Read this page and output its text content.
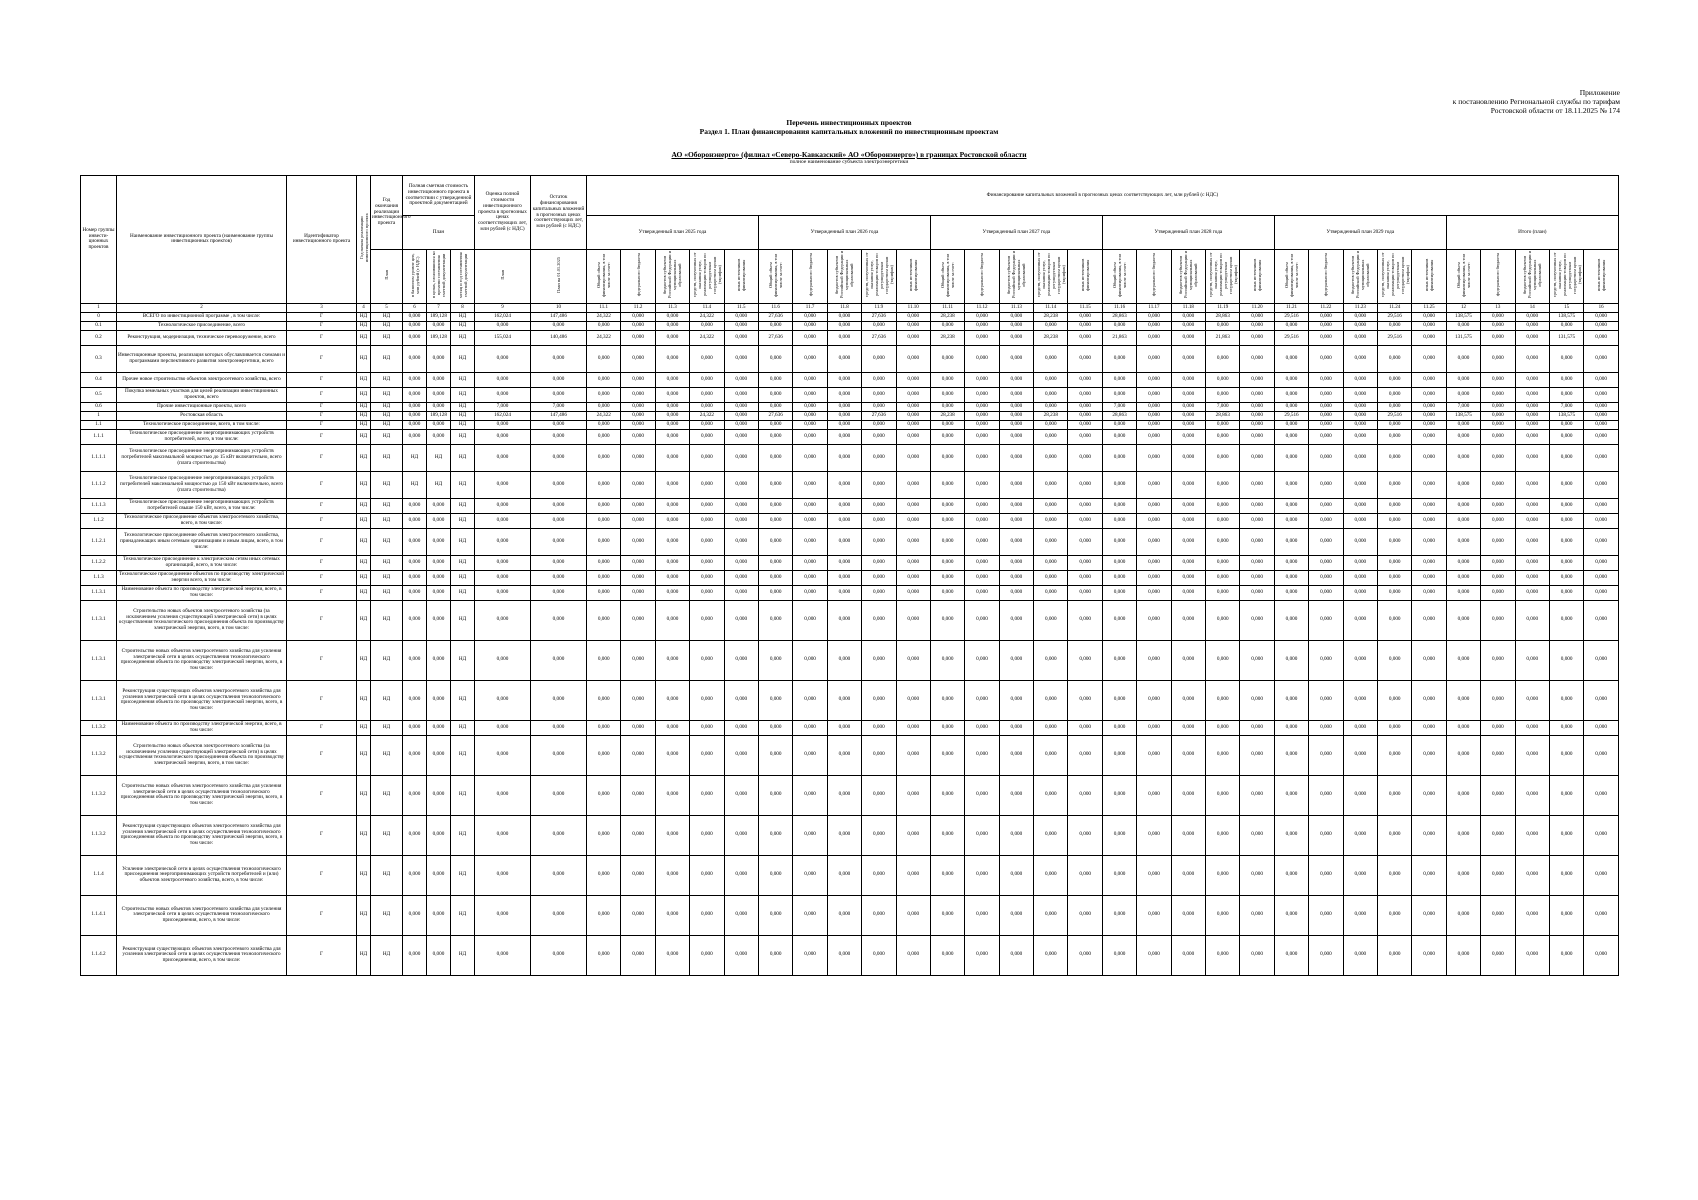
Приложение
к постановлению Региональной службы по тарифам
Ростовской области от 18.11.2025 № 174
Перечень инвестиционных проектов
Раздел 1. План финансирования капитальных вложений по инвестиционным проектам
АО «Оборонэнерго» (филиал «Северо-Кавказский» АО «Оборонэнерго») в границах Ростовской области
полное наименование субъекта электроэнергетики
Номер группы инвести- ционных проектов	Наименование инвестиционного проекта (наименование группы инвестиционных проектов)	Идентификатор инвестиционного проекта	Год начала реализации инвестиционного проекта	Год окончания реализации инвестиционного проекта	Полная сметная стоимость инвестиционного проекта в соответствии с утвержденной проектной документацией			Оценка полной стоимости инвестиционного проекта в прогнозных ценах соответствующих лет, млн рублей (с НДС)	Остаток финансирования капитальных вложений в прогнозных ценах соответствующих лет, млн рублей (с НДС)	Финансирование капитальных вложений в прогнозных ценах соответствующих лет, млн рублей (с НДС)																													
					План					Утвержденный план 2025 года					Утвержденный план 2026 года					Утвержденный план 2027 года					Утвержденный план 2028 года					Утвержденный план 2029 года					Итого (план)				
				План	в базисном уровне цен, млн рублей (с НДС)	в ценах, сложившихся ко времени составления сметной документации	месяц и год составления сметной документации	План	План на 01.01.2025	Общий объем финансирования, в том числе за счет:	федерального бюджета	бюджетов субъектов Российской Федерации и муниципальных образований	средств, полученных от оказания услуг, реализации товаров по регулируемым государством ценам (тарифам)	иных источников финансирования	Общий объем финансирования, в том числе за счет:	федерального бюджета	бюджетов субъектов Российской Федерации и муниципальных образований	средств, полученных от оказания услуг, реализации товаров по регулируемым государством ценам (тарифам)	иных источников финансирования	Общий объем финансирования, в том числе за счет:	федерального бюджета	бюджетов субъектов Российской Федерации и муниципальных образований	средств, полученных от оказания услуг, реализации товаров по регулируемым государством ценам (тарифам)	иных источников финансирования	Общий объем финансирования, в том числе за счет:	федерального бюджета	бюджетов субъектов Российской Федерации и муниципальных образований	средств, полученных от оказания услуг, реализации товаров по регулируемым государством ценам (тарифам)	иных источников финансирования	Общий объем финансирования, в том числе за счет:	федерального бюджета	бюджетов субъектов Российской Федерации и муниципальных образований	средств, полученных от оказания услуг, реализации товаров по регулируемым государством ценам (тарифам)	иных источников финансирования	Общий объем финансирования, в том числе за счет:	федерального бюджета	бюджетов субъектов Российской Федерации и муниципальных образований	средств, полученных от оказания услуг, реализации товаров по регулируемым государством ценам (тарифам)	иных источников финансирования
1	2	3	4	5	6	7	8	9	10	11.1	11.2	11.3	11.4	11.5	11.6	11.7	11.8	11.9	11.10	11.11	11.12	11.13	11.14	11.15	11.16	11.17	11.18	11.19	11.20	11.21	11.22	11.23	11.24	11.25	12	13	14	15	16
0	ВСЕГО по инвестиционной программе , в том числе:	Г	НД	НД	0,000	189,128	НД	162,024	147,486	24,322	0,000	0,000	24,322	0,000	27,636	0,000	0,000	27,636	0,000	28,238	0,000	0,000	28,238	0,000	28,863	0,000	0,000	28,863	0,000	29,516	0,000	0,000	29,516	0,000	138,575	0,000	0,000	138,575	0,000
0.1	Технологическое присоединение, всего	Г	НД	НД	0,000	0,000	НД	0,000	0,000	0,000	0,000	0,000	0,000	0,000	0,000	0,000	0,000	0,000	0,000	0,000	0,000	0,000	0,000	0,000	0,000	0,000	0,000	0,000	0,000	0,000	0,000	0,000	0,000	0,000	0,000	0,000	0,000	0,000	0,000
0.2	Реконструкция, модернизация, техническое перевооружение, всего	Г	НД	НД	0,000	189,128	НД	155,024	140,486	24,322	0,000	0,000	24,322	0,000	27,636	0,000	0,000	27,636	0,000	28,238	0,000	0,000	28,238	0,000	21,863	0,000	0,000	21,863	0,000	29,516	0,000	0,000	29,516	0,000	131,575	0,000	0,000	131,575	0,000
0.3	Инвестиционные проекты, реализация которых обуславливается схемами и программами перспективного развития электроэнергетики, всего	Г	НД	НД	0,000	0,000	НД	0,000	0,000	0,000	0,000	0,000	0,000	0,000	0,000	0,000	0,000	0,000	0,000	0,000	0,000	0,000	0,000	0,000	0,000	0,000	0,000	0,000	0,000	0,000	0,000	0,000	0,000	0,000	0,000	0,000	0,000	0,000	0,000
0.4	Прочее новое строительство объектов электросетевого хозяйства, всего	Г	НД	НД	0,000	0,000	НД	0,000	0,000	0,000	0,000	0,000	0,000	0,000	0,000	0,000	0,000	0,000	0,000	0,000	0,000	0,000	0,000	0,000	0,000	0,000	0,000	0,000	0,000	0,000	0,000	0,000	0,000	0,000	0,000	0,000	0,000	0,000	0,000
0.5	Покупка земельных участков для целей реализации инвестиционных проектов, всего	Г	НД	НД	0,000	0,000	НД	0,000	0,000	0,000	0,000	0,000	0,000	0,000	0,000	0,000	0,000	0,000	0,000	0,000	0,000	0,000	0,000	0,000	0,000	0,000	0,000	0,000	0,000	0,000	0,000	0,000	0,000	0,000	0,000	0,000	0,000	0,000	0,000
0.6	Прочие инвестиционные проекты, всего	Г	НД	НД	0,000	0,000	НД	7,000	7,000	0,000	0,000	0,000	0,000	0,000	0,000	0,000	0,000	0,000	0,000	0,000	0,000	0,000	0,000	0,000	7,000	0,000	0,000	7,000	0,000	0,000	0,000	0,000	0,000	0,000	7,000	0,000	0,000	7,000	0,000
1	Ростовская область	Г	НД	НД	0,000	189,128	НД	162,024	147,486	24,322	0,000	0,000	24,322	0,000	27,636	0,000	0,000	27,636	0,000	28,238	0,000	0,000	28,238	0,000	28,863	0,000	0,000	28,863	0,000	29,516	0,000	0,000	29,516	0,000	138,575	0,000	0,000	138,575	0,000
1.1	Технологическое присоединение, всего, в том числе:	Г	НД	НД	0,000	0,000	НД	0,000	0,000	0,000	0,000	0,000	0,000	0,000	0,000	0,000	0,000	0,000	0,000	0,000	0,000	0,000	0,000	0,000	0,000	0,000	0,000	0,000	0,000	0,000	0,000	0,000	0,000	0,000	0,000	0,000	0,000	0,000	0,000
1.1.1	Технологическое присоединение энергопринимающих устройств потребителей, всего, в том числе:	Г	НД	НД	0,000	0,000	НД	0,000	0,000	0,000	0,000	0,000	0,000	0,000	0,000	0,000	0,000	0,000	0,000	0,000	0,000	0,000	0,000	0,000	0,000	0,000	0,000	0,000	0,000	0,000	0,000	0,000	0,000	0,000	0,000	0,000	0,000	0,000	0,000
1.1.1.1	Технологическое присоединение энергопринимающих устройств потребителей максимальной мощностью до 15 кВт включительно, всего (плата строительства)	Г	НД	НД	НД	НД	НД	0,000	0,000	0,000	0,000	0,000	0,000	0,000	0,000	0,000	0,000	0,000	0,000	0,000	0,000	0,000	0,000	0,000	0,000	0,000	0,000	0,000	0,000	0,000	0,000	0,000	0,000	0,000	0,000	0,000	0,000	0,000	0,000
1.1.1.2	Технологическое присоединение энергопринимающих устройств потребителей максимальной мощностью до 150 кВт включительно, всего (плата строительства)	Г	НД	НД	НД	НД	НД	0,000	0,000	0,000	0,000	0,000	0,000	0,000	0,000	0,000	0,000	0,000	0,000	0,000	0,000	0,000	0,000	0,000	0,000	0,000	0,000	0,000	0,000	0,000	0,000	0,000	0,000	0,000	0,000	0,000	0,000	0,000	0,000
1.1.1.3	Технологическое присоединение энергопринимающих устройств потребителей свыше 150 кВт, всего, в том числе:	Г	НД	НД	0,000	0,000	НД	0,000	0,000	0,000	0,000	0,000	0,000	0,000	0,000	0,000	0,000	0,000	0,000	0,000	0,000	0,000	0,000	0,000	0,000	0,000	0,000	0,000	0,000	0,000	0,000	0,000	0,000	0,000	0,000	0,000	0,000	0,000	0,000
1.1.2	Технологическое присоединение объектов электросетевого хозяйства, всего, в том числе:	Г	НД	НД	0,000	0,000	НД	0,000	0,000	0,000	0,000	0,000	0,000	0,000	0,000	0,000	0,000	0,000	0,000	0,000	0,000	0,000	0,000	0,000	0,000	0,000	0,000	0,000	0,000	0,000	0,000	0,000	0,000	0,000	0,000	0,000	0,000	0,000	0,000
1.1.2.1	Технологическое присоединение объектов электросетевого хозяйства, принадлежащих иным сетевым организациям и иным лицам, всего, в том числе:	Г	НД	НД	0,000	0,000	НД	0,000	0,000	0,000	0,000	0,000	0,000	0,000	0,000	0,000	0,000	0,000	0,000	0,000	0,000	0,000	0,000	0,000	0,000	0,000	0,000	0,000	0,000	0,000	0,000	0,000	0,000	0,000	0,000	0,000	0,000	0,000	0,000
1.1.2.2	Технологическое присоединение к электрическим сетям иных сетевых организаций, всего, в том числе:	Г	НД	НД	0,000	0,000	НД	0,000	0,000	0,000	0,000	0,000	0,000	0,000	0,000	0,000	0,000	0,000	0,000	0,000	0,000	0,000	0,000	0,000	0,000	0,000	0,000	0,000	0,000	0,000	0,000	0,000	0,000	0,000	0,000	0,000	0,000	0,000	0,000
1.1.3	Технологическое присоединение объектов по производству электрической энергии всего, в том числе:	Г	НД	НД	0,000	0,000	НД	0,000	0,000	0,000	0,000	0,000	0,000	0,000	0,000	0,000	0,000	0,000	0,000	0,000	0,000	0,000	0,000	0,000	0,000	0,000	0,000	0,000	0,000	0,000	0,000	0,000	0,000	0,000	0,000	0,000	0,000	0,000	0,000
1.1.3.1	Наименование объекта по производству электрической энергии, всего, в том числе:	Г	НД	НД	0,000	0,000	НД	0,000	0,000	0,000	0,000	0,000	0,000	0,000	0,000	0,000	0,000	0,000	0,000	0,000	0,000	0,000	0,000	0,000	0,000	0,000	0,000	0,000	0,000	0,000	0,000	0,000	0,000	0,000	0,000	0,000	0,000	0,000	0,000
1.1.3.1	Строительство новых объектов электросетевого хозяйства (за исключением усиления существующей электрической сети) в целях осуществления технологического присоединения объекта по производству электрической энергии, всего, в том числе:	Г	НД	НД	0,000	0,000	НД	0,000	0,000	0,000	0,000	0,000	0,000	0,000	0,000	0,000	0,000	0,000	0,000	0,000	0,000	0,000	0,000	0,000	0,000	0,000	0,000	0,000	0,000	0,000	0,000	0,000	0,000	0,000	0,000	0,000	0,000	0,000	0,000
1.1.3.1	Строительство новых объектов электросетевого хозяйства для усиления электрической сети в целях осуществления технологического присоединения объекта по производству электрической энергии, всего, в том числе:	Г	НД	НД	0,000	0,000	НД	0,000	0,000	0,000	0,000	0,000	0,000	0,000	0,000	0,000	0,000	0,000	0,000	0,000	0,000	0,000	0,000	0,000	0,000	0,000	0,000	0,000	0,000	0,000	0,000	0,000	0,000	0,000	0,000	0,000	0,000	0,000	0,000
1.1.3.1	Реконструкция существующих объектов электросетевого хозяйства для усиления электрической сети в целях осуществления технологического присоединения объекта по производству электрической энергии, всего, в том числе:	Г	НД	НД	0,000	0,000	НД	0,000	0,000	0,000	0,000	0,000	0,000	0,000	0,000	0,000	0,000	0,000	0,000	0,000	0,000	0,000	0,000	0,000	0,000	0,000	0,000	0,000	0,000	0,000	0,000	0,000	0,000	0,000	0,000	0,000	0,000	0,000	0,000
1.1.3.2	Наименование объекта по производству электрической энергии, всего, в том числе:	Г	НД	НД	0,000	0,000	НД	0,000	0,000	0,000	0,000	0,000	0,000	0,000	0,000	0,000	0,000	0,000	0,000	0,000	0,000	0,000	0,000	0,000	0,000	0,000	0,000	0,000	0,000	0,000	0,000	0,000	0,000	0,000	0,000	0,000	0,000	0,000	0,000
1.1.3.2	Строительство новых объектов электросетевого хозяйства (за исключением усиления существующей электрической сети) в целях осуществления технологического присоединения объекта по производству электрической энергии, всего, в том числе:	Г	НД	НД	0,000	0,000	НД	0,000	0,000	0,000	0,000	0,000	0,000	0,000	0,000	0,000	0,000	0,000	0,000	0,000	0,000	0,000	0,000	0,000	0,000	0,000	0,000	0,000	0,000	0,000	0,000	0,000	0,000	0,000	0,000	0,000	0,000	0,000	0,000
1.1.3.2	Строительство новых объектов электросетевого хозяйства для усиления электрической сети в целях осуществления технологического присоединения объекта по производству электрической энергии, всего, в том числе:	Г	НД	НД	0,000	0,000	НД	0,000	0,000	0,000	0,000	0,000	0,000	0,000	0,000	0,000	0,000	0,000	0,000	0,000	0,000	0,000	0,000	0,000	0,000	0,000	0,000	0,000	0,000	0,000	0,000	0,000	0,000	0,000	0,000	0,000	0,000	0,000	0,000
1.1.3.2	Реконструкция существующих объектов электросетевого хозяйства для усиления электрической сети в целях осуществления технологического присоединения объекта по производству электрической энергии, всего, в том числе:	Г	НД	НД	0,000	0,000	НД	0,000	0,000	0,000	0,000	0,000	0,000	0,000	0,000	0,000	0,000	0,000	0,000	0,000	0,000	0,000	0,000	0,000	0,000	0,000	0,000	0,000	0,000	0,000	0,000	0,000	0,000	0,000	0,000	0,000	0,000	0,000	0,000
1.1.4	Усиление электрической сети в целях осуществления технологического присоединения энергопринимающих устройств потребителей и (или) объектов электросетевого хозяйства, всего, в том числе:	Г	НД	НД	0,000	0,000	НД	0,000	0,000	0,000	0,000	0,000	0,000	0,000	0,000	0,000	0,000	0,000	0,000	0,000	0,000	0,000	0,000	0,000	0,000	0,000	0,000	0,000	0,000	0,000	0,000	0,000	0,000	0,000	0,000	0,000	0,000	0,000	0,000
1.1.4.1	Строительство новых объектов электросетевого хозяйства для усиления электрической сети в целях осуществления технологического присоединения, всего, в том числе:	Г	НД	НД	0,000	0,000	НД	0,000	0,000	0,000	0,000	0,000	0,000	0,000	0,000	0,000	0,000	0,000	0,000	0,000	0,000	0,000	0,000	0,000	0,000	0,000	0,000	0,000	0,000	0,000	0,000	0,000	0,000	0,000	0,000	0,000	0,000	0,000	0,000
1.1.4.2	Реконструкция существующих объектов электросетевого хозяйства для усиления электрической сети в целях осуществления технологического присоединения, всего, в том числе:	Г	НД	НД	0,000	0,000	НД	0,000	0,000	0,000	0,000	0,000	0,000	0,000	0,000	0,000	0,000	0,000	0,000	0,000	0,000	0,000	0,000	0,000	0,000	0,000	0,000	0,000	0,000	0,000	0,000	0,000	0,000	0,000	0,000	0,000	0,000	0,000	0,000
